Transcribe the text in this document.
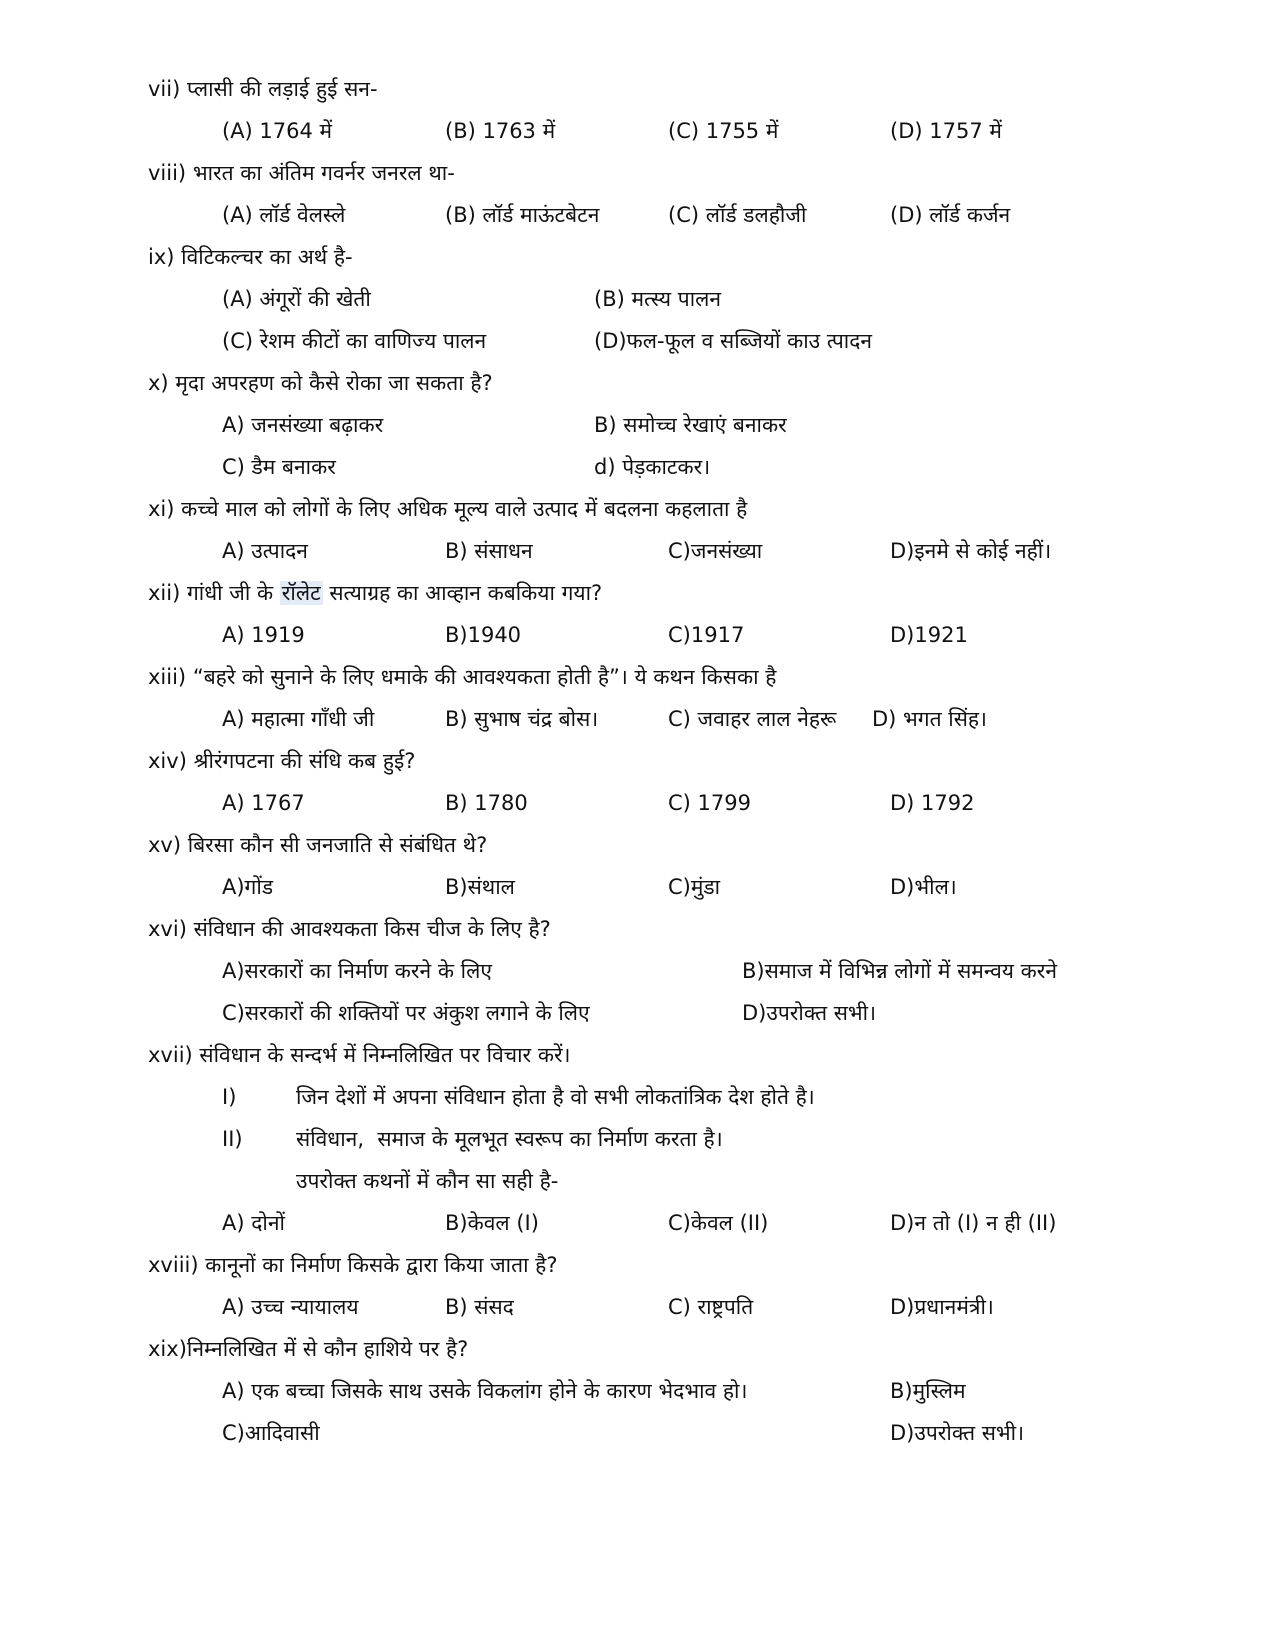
vii) प्लासी की लड़ाई हुई सन-
(A) 1764 में	(B) 1763 में	(C) 1755 में	(D) 1757 में
viii) भारत का अंतिम गवर्नर जनरल था-
(A) लॉर्ड वेलस्ले	(B) लॉर्ड माऊंटबेटन	(C) लॉर्ड डलहौजी	(D) लॉर्ड कर्जन
ix) विटिकल्चर का अर्थ है-
(A) अंगूरों की खेती	(B) मत्स्य पालन
(C) रेशम कीटों का वाणिज्य पालन	(D)फल-फूल व सब्जियों काउ त्पादन
x) मृदा अपरहण को कैसे रोका जा सकता है?
A) जनसंख्या बढ़ाकर	B) समोच्च रेखाएं बनाकर
C) डैम बनाकर	d) पेड़काटकर।
xi) कच्चे माल को लोगों के लिए अधिक मूल्य वाले उत्पाद में बदलना कहलाता है
A) उत्पादन	B) संसाधन	C)जनसंख्या	D)इनमे से कोई नहीं।
xii) गांधी जी के रॉलेट सत्याग्रह का आव्हान कबकिया गया?
A) 1919	B)1940	C)1917	D)1921
xiii) “बहरे को सुनाने के लिए धमाके की आवश्यकता होती है”। ये कथन किसका है
A) महात्मा गाँधी जी	B) सुभाष चंद्र बोस।	C) जवाहर लाल नेहरू D) भगत सिंह।
xiv) श्रीरंगपटना की संधि कब हुई?
A) 1767	B) 1780	C) 1799	D) 1792
xv) बिरसा कौन सी जनजाति से संबंधित थे?
A)गोंड	B)संथाल	C)मुंडा	D)भील।
xvi) संविधान की आवश्यकता किस चीज के लिए है?
A)सरकारों का निर्माण करने के लिए	B)समाज में विभिन्न लोगों में समन्वय करने
C)सरकारों की शक्तियों पर अंकुश लगाने के लिए	D)उपरोक्त सभी।
xvii) संविधान के सन्दर्भ में निम्नलिखित पर विचार करें।
I)	जिन देशों में अपना संविधान होता है वो सभी लोकतांत्रिक देश होते है।
II)	संविधान,  समाज के मूलभूत स्वरूप का निर्माण करता है।
उपरोक्त कथनों में कौन सा सही है-
A) दोनों	B)केवल (I)	C)केवल (II)	D)न तो (I) न ही (II)
xviii) कानूनों का निर्माण किसके द्वारा किया जाता है?
A) उच्च न्यायालय	B) संसद	C) राष्ट्रपति	D)प्रधानमंत्री।
xix)निम्नलिखित में से कौन हाशिये पर है?
A) एक बच्चा जिसके साथ उसके विकलांग होने के कारण भेदभाव हो।	B)मुस्लिम
C)आदिवासी	D)उपरोक्त सभी।
